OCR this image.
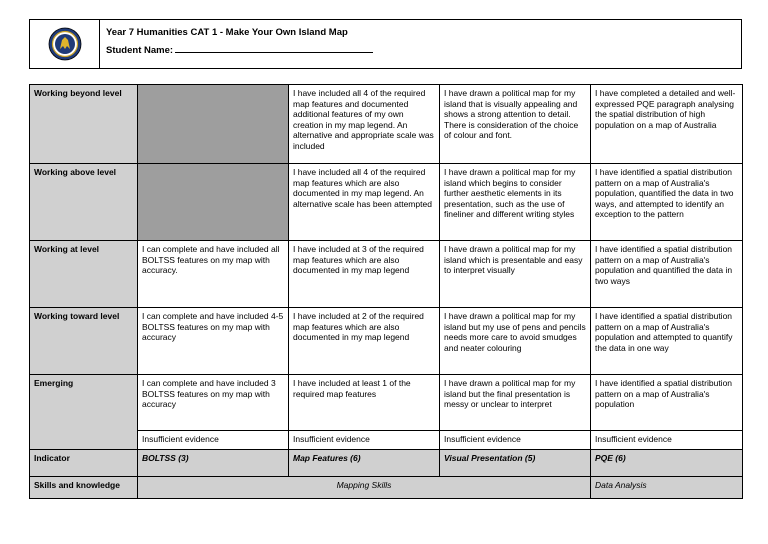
Year 7 Humanities CAT 1 - Make Your Own Island Map
Student Name:
Working beyond level		I have included all 4 of the required map features and documented additional features of my own creation in my map legend. An alternative and appropriate scale was included	I have drawn a political map for my island that is visually appealing and shows a strong attention to detail. There is consideration of the choice of colour and font.	I have completed a detailed and well-expressed PQE paragraph analysing the spatial distribution of high population on a map of Australia
Working above level		I have included all 4 of the required map features which are also documented in my map legend. An alternative scale has been attempted	I have drawn a political map for my island which begins to consider further aesthetic elements in its presentation, such as the use of fineliner and different writing styles	I have identified a spatial distribution pattern on a map of Australia's population, quantified the data in two ways, and attempted to identify an exception to the pattern
Working at level	I can complete and have included all BOLTSS features on my map with accuracy.	I have included at 3 of the required map features which are also documented in my map legend	I have drawn a political map for my island which is presentable and easy to interpret visually	I have identified a spatial distribution pattern on a map of Australia's population and quantified the data in two ways
Working toward level	I can complete and have included 4-5 BOLTSS features on my map with accuracy	I have included at 2 of the required map features which are also documented in my map legend	I have drawn a political map for my island but my use of pens and pencils needs more care to avoid smudges and neater colouring	I have identified a spatial distribution pattern on a map of Australia's population and attempted to quantify the data in one way
Emerging	I can complete and have included 3 BOLTSS features on my map with accuracy	I have included at least 1 of the required map features	I have drawn a political map for my island but the final presentation is messy or unclear to interpret	I have identified a spatial distribution pattern on a map of Australia's population
	Insufficient evidence	Insufficient evidence	Insufficient evidence	Insufficient evidence
Indicator	BOLTSS (3)	Map Features (6)	Visual Presentation (5)	PQE (6)
Skills and knowledge	Mapping Skills			Data Analysis
